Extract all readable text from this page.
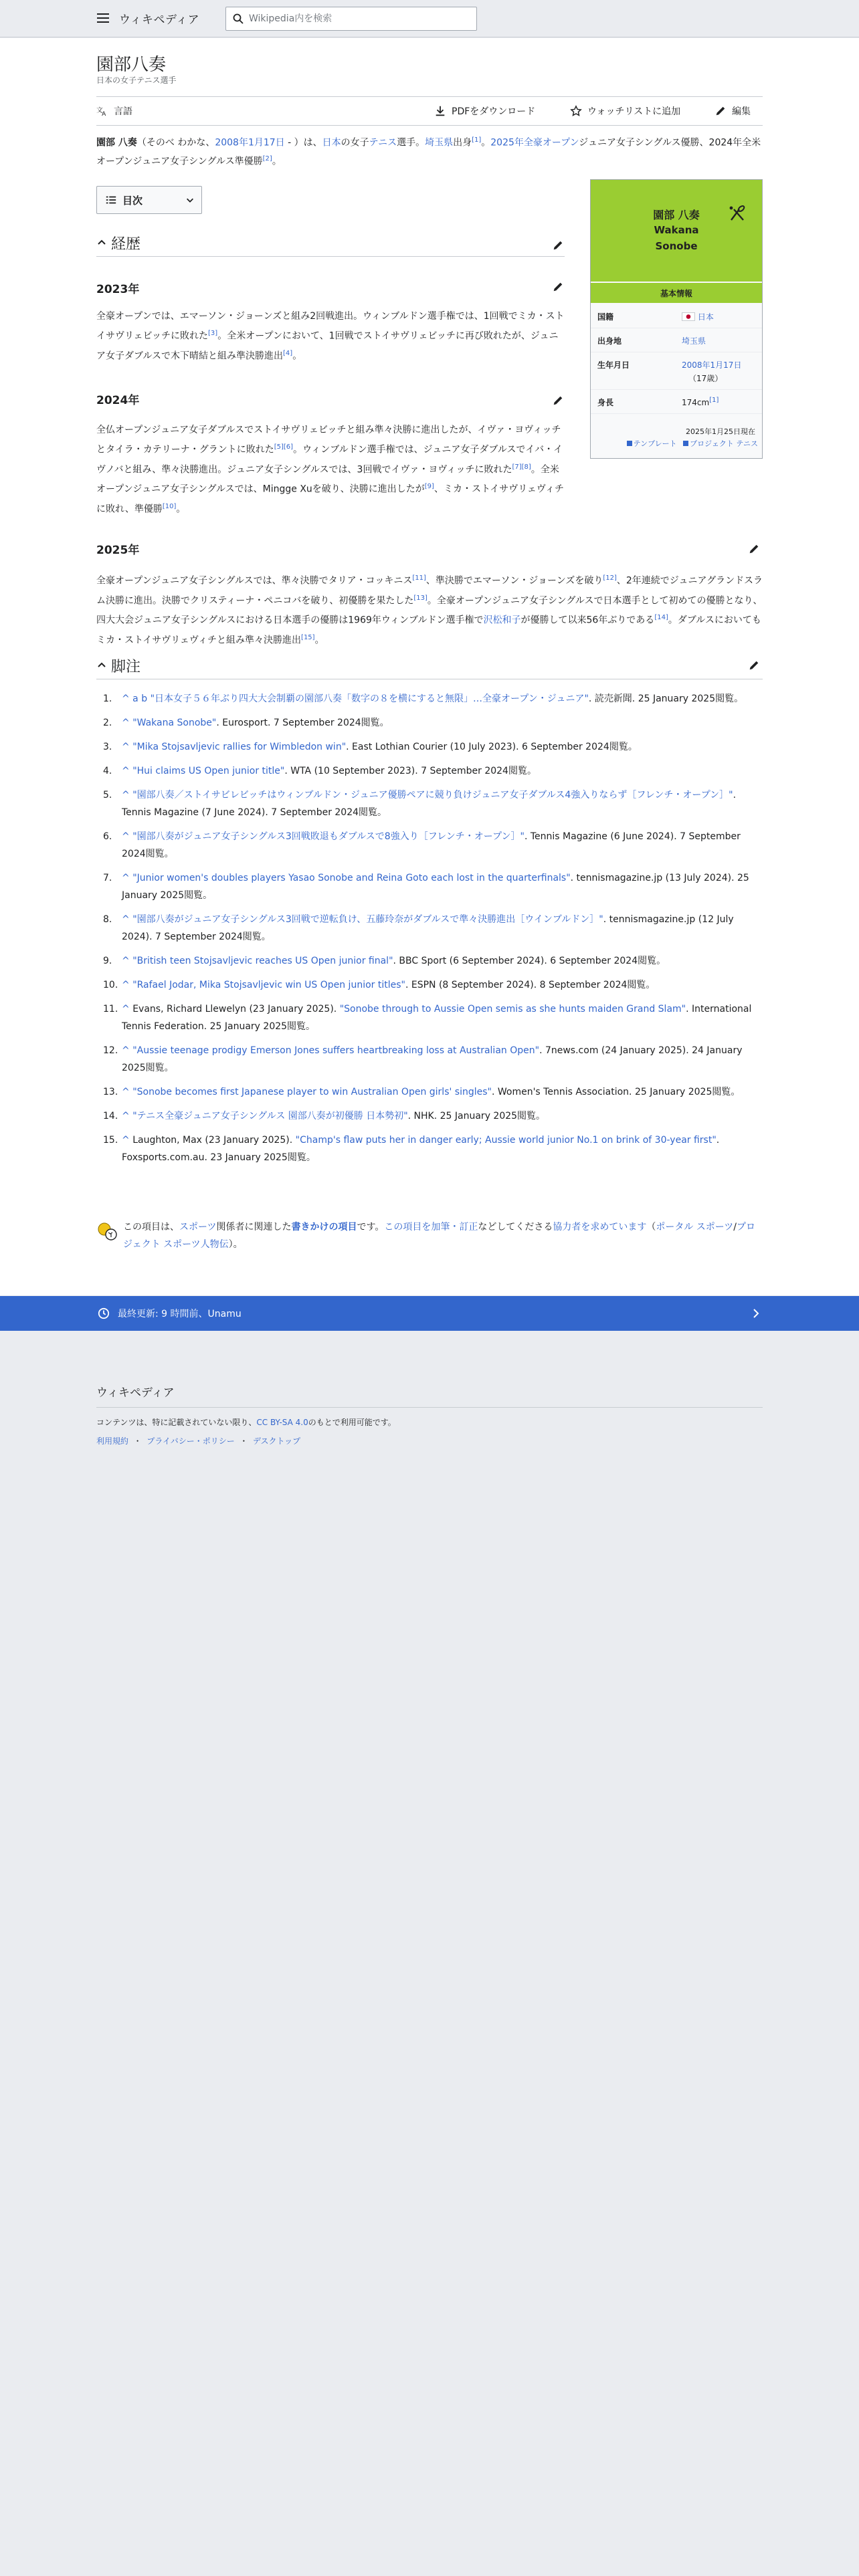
ウィキペディア
Wikipedia内を検索
園部八奏
日本の女子テニス選手
文
A 言語	PDFをダウンロード	ウォッチリストに追加	編集
園部 八奏（そのべ わかな、2008年1月17日 - ）は、日本の女子テニス選手。埼玉県出身[1]。2025年全豪オープンジュニア女子シングルス優勝、2024年全米オープンジュニア女子シングルス準優勝[2]。
目次
園部 八奏
Wakana
Sonobe
基本情報
国籍	日本
出身地	埼玉県
生年月日	2008年1月17日
（17歳）
身長	174cm[1]
2025年1月25日現在
テンプレート プロジェクト テニス
経歴
2023年
全豪オープンでは、エマーソン・ジョーンズと組み2回戦進出。ウィンブルドン選手権では、1回戦でミカ・ストイサヴリェビッチに敗れた[3]。全米オープンにおいて、1回戦でストイサヴリェビッチに再び敗れたが、ジュニア女子ダブルスで木下晴結と組み準決勝進出[4]。
2024年
全仏オープンジュニア女子ダブルスでストイサヴリェビッチと組み準々決勝に進出したが、イヴァ・ヨヴィッチとタイラ・カテリーナ・グラントに敗れた[5][6]。ウィンブルドン選手権では、ジュニア女子ダブルスでイバ・イヴノバと組み、準々決勝進出。ジュニア女子シングルスでは、3回戦でイヴァ・ヨヴィッチに敗れた[7][8]。全米オープンジュニア女子シングルスでは、Mingge Xuを破り、決勝に進出したが[9]、ミカ・ストイサヴリェヴィチに敗れ、準優勝[10]。
2025年
全豪オープンジュニア女子シングルスでは、準々決勝でタリア・コッキニス[11]、準決勝でエマーソン・ジョーンズを破り[12]、2年連続でジュニアグランドスラム決勝に進出。決勝でクリスティーナ・ペニコバを破り、初優勝を果たした[13]。全豪オープンジュニア女子シングルスで日本選手として初めての優勝となり、四大大会ジュニア女子シングルスにおける日本選手の優勝は1969年ウィンブルドン選手権で沢松和子が優勝して以来56年ぶりである[14]。ダブルスにおいてもミカ・ストイサヴリェヴィチと組み準々決勝進出[15]。
脚注
1. ^ a b "日本女子５６年ぶり四大大会制覇の園部八奏「数字の８を横にすると無限」…全豪オープン・ジュニア". 読売新聞. 25 January 2025閲覧。
2. ^ "Wakana Sonobe". Eurosport. 7 September 2024閲覧。
3. ^ "Mika Stojsavljevic rallies for Wimbledon win". East Lothian Courier (10 July 2023). 6 September 2024閲覧。
4. ^ "Hui claims US Open junior title". WTA (10 September 2023). 7 September 2024閲覧。
5. ^ "園部八奏／ストイサビレビッチはウィンブルドン・ジュニア優勝ペアに競り負けジュニア女子ダブルス4強入りならず［フレンチ・オープン］". Tennis Magazine (7 June 2024). 7 September 2024閲覧。
6. ^ "園部八奏がジュニア女子シングルス3回戦敗退もダブルスで8強入り［フレンチ・オープン］". Tennis Magazine (6 June 2024). 7 September 2024閲覧。
7. ^ "Junior women's doubles players Yasao Sonobe and Reina Goto each lost in the quarterfinals". tennismagazine.jp (13 July 2024). 25 January 2025閲覧。
8. ^ "園部八奏がジュニア女子シングルス3回戦で逆転負け、五藤玲奈がダブルスで準々決勝進出［ウインブルドン］". tennismagazine.jp (12 July 2024). 7 September 2024閲覧。
9. ^ "British teen Stojsavljevic reaches US Open junior final". BBC Sport (6 September 2024). 6 September 2024閲覧。
10. ^ "Rafael Jodar, Mika Stojsavljevic win US Open junior titles". ESPN (8 September 2024). 8 September 2024閲覧。
11. ^ Evans, Richard Llewelyn (23 January 2025). "Sonobe through to Aussie Open semis as she hunts maiden Grand Slam". International Tennis Federation. 25 January 2025閲覧。
12. ^ "Aussie teenage prodigy Emerson Jones suffers heartbreaking loss at Australian Open". 7news.com (24 January 2025). 24 January 2025閲覧。
13. ^ "Sonobe becomes first Japanese player to win Australian Open girls' singles". Women's Tennis Association. 25 January 2025閲覧。
14. ^ "テニス全豪ジュニア女子シングルス 園部八奏が初優勝 日本勢初". NHK. 25 January 2025閲覧。
15. ^ Laughton, Max (23 January 2025). "Champ's flaw puts her in danger early; Aussie world junior No.1 on brink of 30-year first". Foxsports.com.au. 23 January 2025閲覧。
この項目は、スポーツ関係者に関連した書きかけの項目です。この項目を加筆・訂正などしてくださる協力者を求めています（ポータル スポーツ/プロジェクト スポーツ人物伝）。
最終更新: 9 時間前、Unamu
ウィキペディア
コンテンツは、特に記載されていない限り、CC BY-SA 4.0のもとで利用可能です。
利用規約 ・ プライバシー・ポリシー ・ デスクトップ
